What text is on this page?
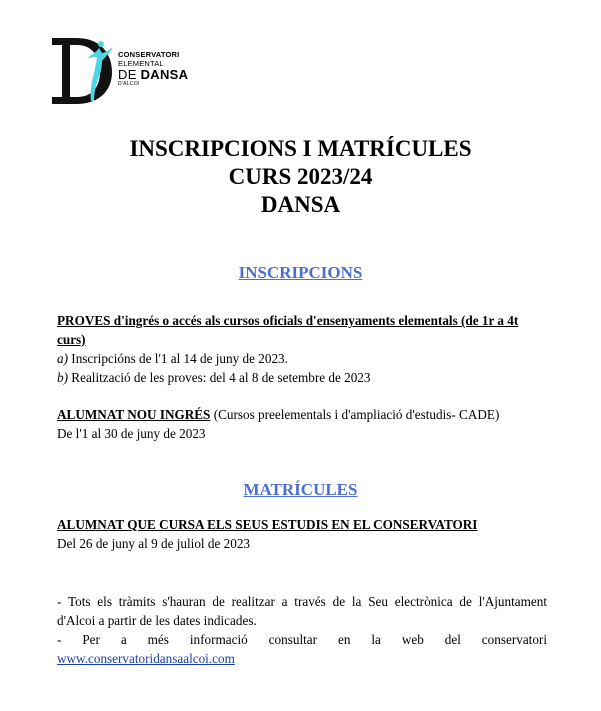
CONSERVATORI
ELEMENTAL
DE DANSA
D'ALCOI
INSCRIPCIONS I MATRÍCULES
CURS 2023/24
DANSA
INSCRIPCIONS
PROVES d'ingrés o accés als cursos oficials d'ensenyaments elementals (de 1r a 4t curs)
a) Inscripcións de l'1 al 14 de juny de 2023.
b) Realització de les proves: del 4 al 8 de setembre de 2023
ALUMNAT NOU INGRÉS (Cursos preelementals i d'ampliació d'estudis- CADE)
De l'1 al 30 de juny de 2023
MATRÍCULES
ALUMNAT QUE CURSA ELS SEUS ESTUDIS EN EL CONSERVATORI
Del 26 de juny al 9 de juliol de 2023
- Tots els tràmits s'hauran de realitzar a través de la Seu electrònica de l'Ajuntament
d'Alcoi a partir de les dates indicades.
- Per a més informació consultar en la web del conservatori
www.conservatoridansaalcoi.com
